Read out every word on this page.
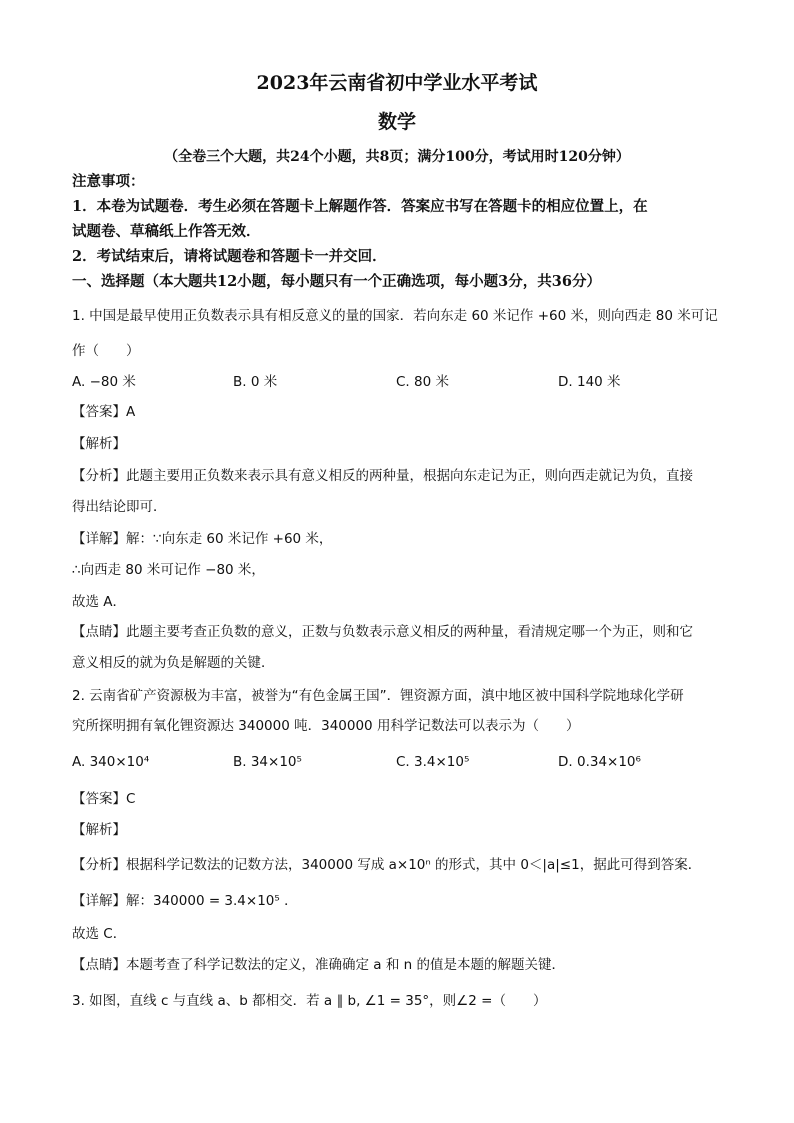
2023年云南省初中学业水平考试
数学
（全卷三个大题，共24个小题，共8页；满分100分，考试用时120分钟）
注意事项：
1．本卷为试题卷．考生必须在答题卡上解题作答．答案应书写在答题卡的相应位置上，在
试题卷、草稿纸上作答无效．
2．考试结束后，请将试题卷和答题卡一并交回．
一、选择题（本大题共12小题，每小题只有一个正确选项，每小题3分，共36分）
1. 中国是最早使用正负数表示具有相反意义的量的国家．若向东走 60 米记作 +60 米，则向西走 80 米可记
作（　　）
A. −80 米	B. 0 米	C. 80 米	D. 140 米
【答案】A
【解析】
【分析】此题主要用正负数来表示具有意义相反的两种量，根据向东走记为正，则向西走就记为负，直接
得出结论即可．
【详解】解：∵向东走 60 米记作 +60 米，
∴向西走 80 米可记作 −80 米，
故选 A．
【点睛】此题主要考查正负数的意义，正数与负数表示意义相反的两种量，看清规定哪一个为正，则和它
意义相反的就为负是解题的关键．
2. 云南省矿产资源极为丰富，被誉为“有色金属王国”．锂资源方面，滇中地区被中国科学院地球化学研
究所探明拥有氧化锂资源达 340000 吨．340000 用科学记数法可以表示为（　　）
A. 340×10⁴	B. 34×10⁵	C. 3.4×10⁵	D. 0.34×10⁶
【答案】C
【解析】
【分析】根据科学记数法的记数方法，340000 写成 a×10ⁿ 的形式，其中 0＜|a|≤1，据此可得到答案．
【详解】解：340000 = 3.4×10⁵ ．
故选 C．
【点睛】本题考查了科学记数法的定义，准确确定 a 和 n 的值是本题的解题关键．
3. 如图，直线 c 与直线 a、b 都相交．若 a ∥ b, ∠1 = 35°，则∠2 =（　　）
